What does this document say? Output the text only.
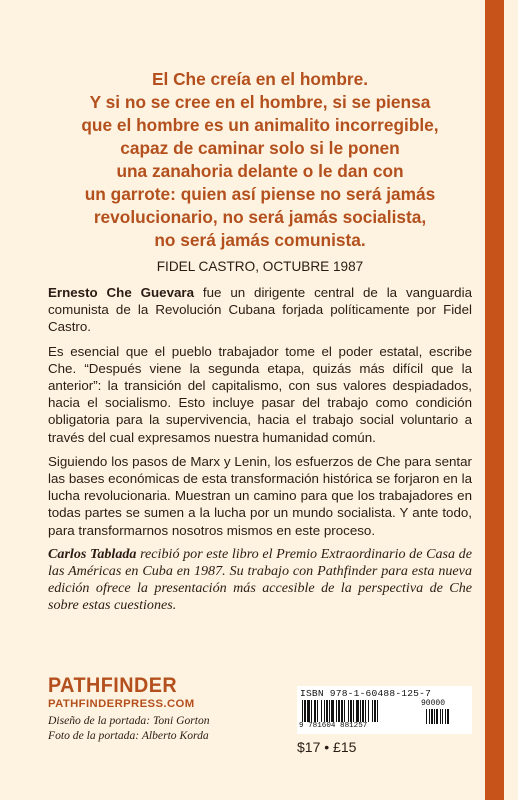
El Che creía en el hombre.
Y si no se cree en el hombre, si se piensa
que el hombre es un animalito incorregible,
capaz de caminar solo si le ponen
una zanahoria delante o le dan con
un garrote: quien así piense no será jamás
revolucionario, no será jamás socialista,
no será jamás comunista.
FIDEL CASTRO, OCTUBRE 1987

Ernesto Che Guevara fue un dirigente central de la vanguardia comunista de la Revolución Cubana forjada políticamente por Fidel Castro.

Es esencial que el pueblo trabajador tome el poder estatal, escribe Che. “Después viene la segunda etapa, quizás más difícil que la anterior”: la transición del capitalismo, con sus valores despiadados, hacia el socialismo. Esto incluye pasar del trabajo como condición obligatoria para la supervivencia, hacia el trabajo social voluntario a través del cual expresamos nuestra humanidad común.

Siguiendo los pasos de Marx y Lenin, los esfuerzos de Che para sentar las bases económicas de esta transformación histórica se forjaron en la lucha revolucionaria. Muestran un camino para que los trabajadores en todas partes se sumen a la lucha por un mundo socialista. Y ante todo, para transformarnos nosotros mismos en este proceso.

Carlos Tablada recibió por este libro el Premio Extraordinario de Casa de las Américas en Cuba en 1987. Su trabajo con Pathfinder para esta nueva edición ofrece la presentación más accesible de la perspectiva de Che sobre estas cuestiones.

PATHFINDER
PATHFINDERPRESS.COM
Diseño de la portada: Toni Gorton
Foto de la portada: Alberto Korda
ISBN 978-1-60488-125-7
9 781604 881257
90000
$17 • £15
